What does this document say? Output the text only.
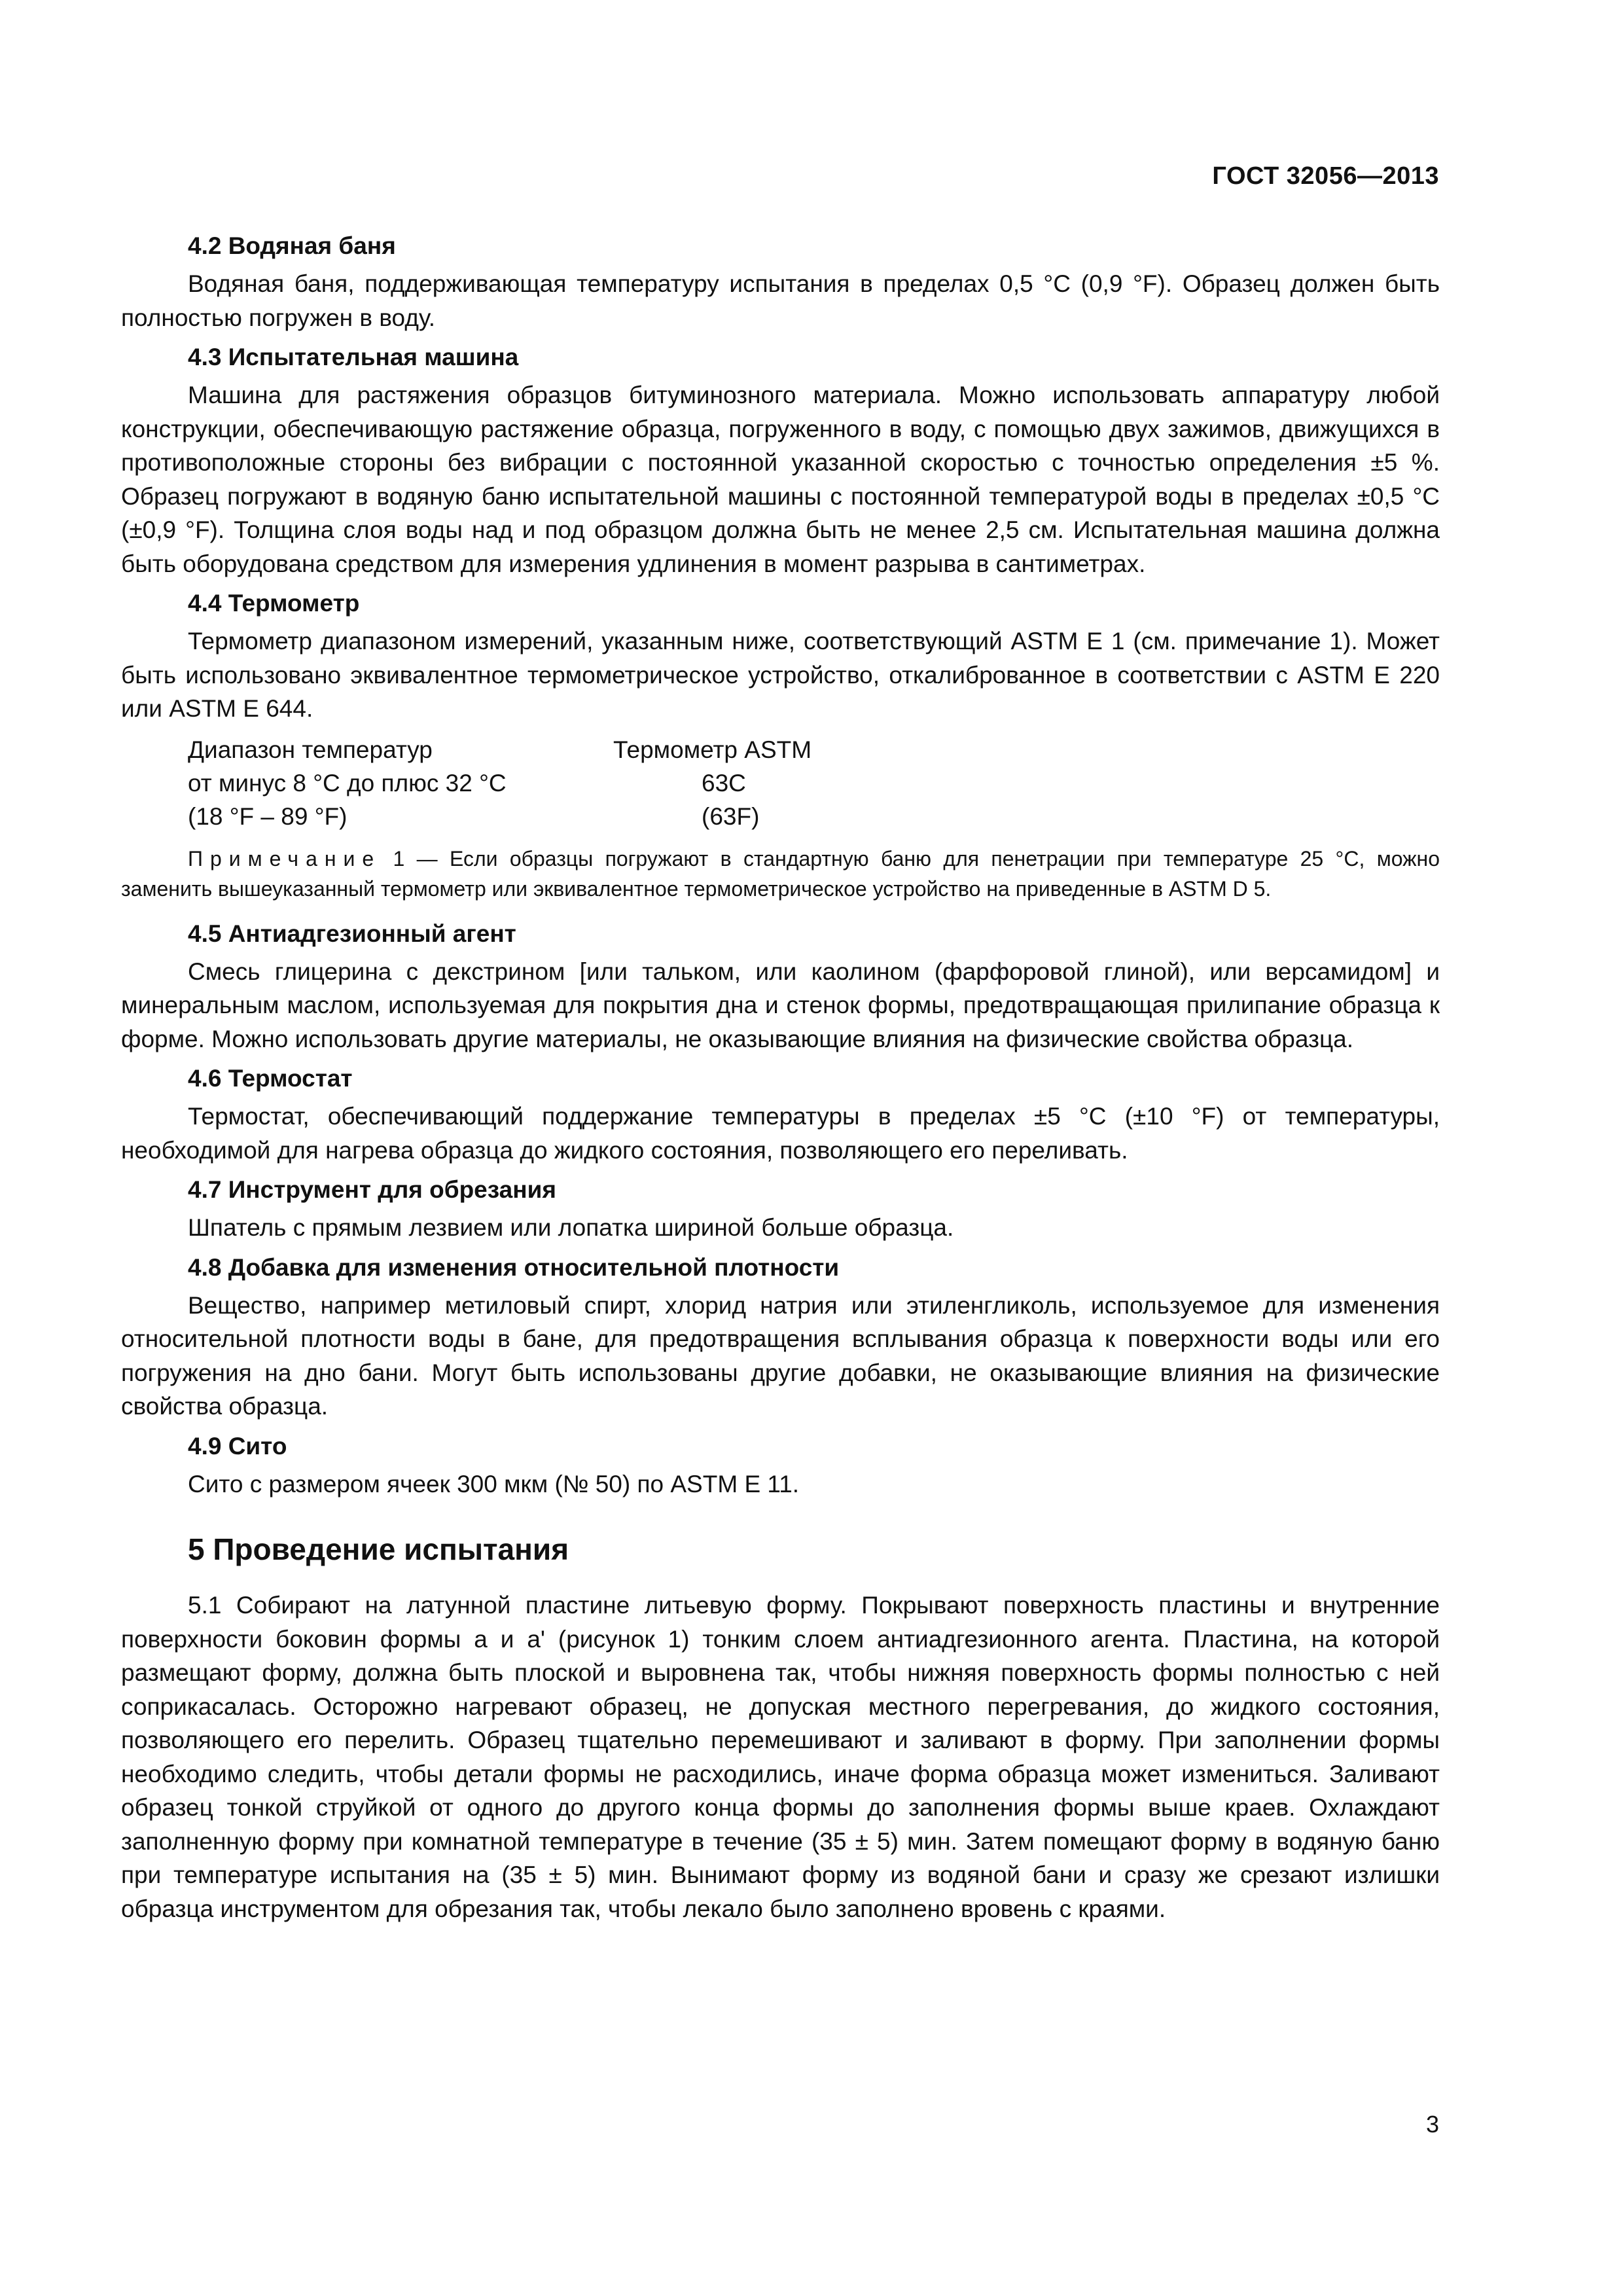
ГОСТ 32056—2013
4.2 Водяная баня

Водяная баня, поддерживающая температуру испытания в пределах 0,5 °С (0,9 °F). Образец должен быть полностью погружен в воду.

4.3 Испытательная машина

Машина для растяжения образцов битуминозного материала. Можно использовать аппаратуру любой конструкции, обеспечивающую растяжение образца, погруженного в воду, с помощью двух зажимов, движущихся в противоположные стороны без вибрации с постоянной указанной скоростью с точностью определения ±5 %. Образец погружают в водяную баню испытательной машины с постоянной температурой воды в пределах ±0,5 °С (±0,9 °F). Толщина слоя воды над и под образцом должна быть не менее 2,5 см. Испытательная машина должна быть оборудована средством для измерения удлинения в момент разрыва в сантиметрах.

4.4 Термометр

Термометр диапазоном измерений, указанным ниже, соответствующий ASTM E 1 (см. примечание 1). Может быть использовано эквивалентное термометрическое устройство, откалиброванное в соответствии с ASTM E 220 или ASTM E 644.

Диапазон температур	Термометр ASTM
от минус 8 °С до плюс 32 °С	63С
(18 °F – 89 °F)	(63F)

Примечание 1 — Если образцы погружают в стандартную баню для пенетрации при температуре 25 °С, можно заменить вышеуказанный термометр или эквивалентное термометрическое устройство на приведенные в ASTM D 5.

4.5 Антиадгезионный агент

Смесь глицерина с декстрином [или тальком, или каолином (фарфоровой глиной), или версамидом] и минеральным маслом, используемая для покрытия дна и стенок формы, предотвращающая прилипание образца к форме. Можно использовать другие материалы, не оказывающие влияния на физические свойства образца.

4.6 Термостат

Термостат, обеспечивающий поддержание температуры в пределах ±5 °С (±10 °F) от температуры, необходимой для нагрева образца до жидкого состояния, позволяющего его переливать.

4.7 Инструмент для обрезания

Шпатель с прямым лезвием или лопатка шириной больше образца.

4.8 Добавка для изменения относительной плотности

Вещество, например метиловый спирт, хлорид натрия или этиленгликоль, используемое для изменения относительной плотности воды в бане, для предотвращения всплывания образца к поверхности воды или его погружения на дно бани. Могут быть использованы другие добавки, не оказывающие влияния на физические свойства образца.

4.9 Сито

Сито с размером ячеек 300 мкм (№ 50) по ASTM E 11.

5 Проведение испытания

5.1 Собирают на латунной пластине литьевую форму. Покрывают поверхность пластины и внутренние поверхности боковин формы a и a' (рисунок 1) тонким слоем антиадгезионного агента. Пластина, на которой размещают форму, должна быть плоской и выровнена так, чтобы нижняя поверхность формы полностью с ней соприкасалась. Осторожно нагревают образец, не допуская местного перегревания, до жидкого состояния, позволяющего его перелить. Образец тщательно перемешивают и заливают в форму. При заполнении формы необходимо следить, чтобы детали формы не расходились, иначе форма образца может измениться. Заливают образец тонкой струйкой от одного до другого конца формы до заполнения формы выше краев. Охлаждают заполненную форму при комнатной температуре в течение (35 ± 5) мин. Затем помещают форму в водяную баню при температуре испытания на (35 ± 5) мин. Вынимают форму из водяной бани и сразу же срезают излишки образца инструментом для обрезания так, чтобы лекало было заполнено вровень с краями.

3
